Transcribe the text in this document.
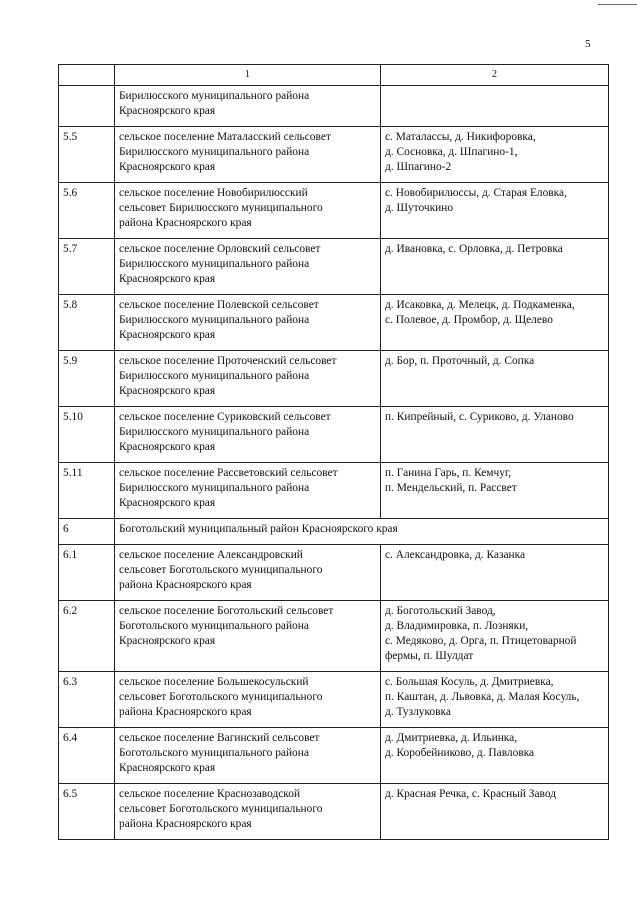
5
	1	2
	Бирилюсского муниципального района
Красноярского края	
5.5	сельское поселение Маталасский сельсовет
Бирилюсского муниципального района
Красноярского края	с. Маталассы, д. Никифоровка,
д. Сосновка, д. Шпагино-1,
д. Шпагино-2
5.6	сельское поселение Новобирилюсский
сельсовет Бирилюсского муниципального
района Красноярского края	с. Новобирилюссы, д. Старая Еловка,
д. Шуточкино
5.7	сельское поселение Орловский сельсовет
Бирилюсского муниципального района
Красноярского края	д. Ивановка, с. Орловка, д. Петровка
5.8	сельское поселение Полевской сельсовет
Бирилюсского муниципального района
Красноярского края	д. Исаковка, д. Мелецк, д. Подкаменка,
с. Полевое, д. Промбор, д. Щелево
5.9	сельское поселение Проточенский сельсовет
Бирилюсского муниципального района
Красноярского края	д. Бор, п. Проточный, д. Сопка
5.10	сельское поселение Суриковский сельсовет
Бирилюсского муниципального района
Красноярского края	п. Кипрейный, с. Суриково, д. Уланово
5.11	сельское поселение Рассветовский сельсовет
Бирилюсского муниципального района
Красноярского края	п. Ганина Гарь, п. Кемчуг,
п. Мендельский, п. Рассвет
6	Боготольский муниципальный район Красноярского края	
6.1	сельское поселение Александровский
сельсовет Боготольского муниципального
района Красноярского края	с. Александровка, д. Казанка
6.2	сельское поселение Боготольский сельсовет
Боготольского муниципального района
Красноярского края	д. Боготольский Завод,
д. Владимировка, п. Лозняки,
с. Медяково, д. Орга, п. Птицетоварной
фермы, п. Шулдат
6.3	сельское поселение Большекосульский
сельсовет Боготольского муниципального
района Красноярского края	с. Большая Косуль, д. Дмитриевка,
п. Каштан, д. Львовка, д. Малая Косуль,
д. Тузлуковка
6.4	сельское поселение Вагинский сельсовет
Боготольского муниципального района
Красноярского края	д. Дмитриевка, д. Ильинка,
д. Коробейниково, д. Павловка
6.5	сельское поселение Краснозаводской
сельсовет Боготольского муниципального
района Красноярского края	д. Красная Речка, с. Красный Завод
